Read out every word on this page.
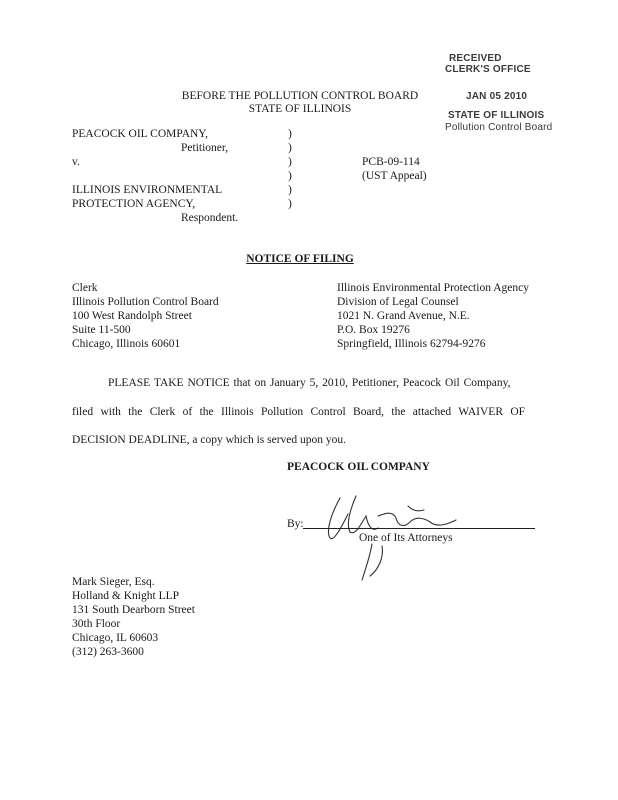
RECEIVED
CLERK'S OFFICE
JAN 05 2010
STATE OF ILLINOIS
Pollution Control Board
BEFORE THE POLLUTION CONTROL BOARD
STATE OF ILLINOIS
PEACOCK OIL COMPANY,
Petitioner,
v.
ILLINOIS ENVIRONMENTAL
PROTECTION AGENCY,
Respondent.
)
)
)
)
)
)
PCB-09-114
(UST Appeal)
NOTICE OF FILING
Clerk
Illinois Pollution Control Board
100 West Randolph Street
Suite 11-500
Chicago, Illinois 60601
Illinois Environmental Protection Agency
Division of Legal Counsel
1021 N. Grand Avenue, N.E.
P.O. Box 19276
Springfield, Illinois 62794-9276
PLEASE TAKE NOTICE that on January 5, 2010, Petitioner, Peacock Oil Company,
filed with the Clerk of the Illinois Pollution Control Board, the attached WAIVER OF
DECISION DEADLINE, a copy which is served upon you.
PEACOCK OIL COMPANY
By:
One of Its Attorneys
Mark Sieger, Esq.
Holland & Knight LLP
131 South Dearborn Street
30th Floor
Chicago, IL 60603
(312) 263-3600
